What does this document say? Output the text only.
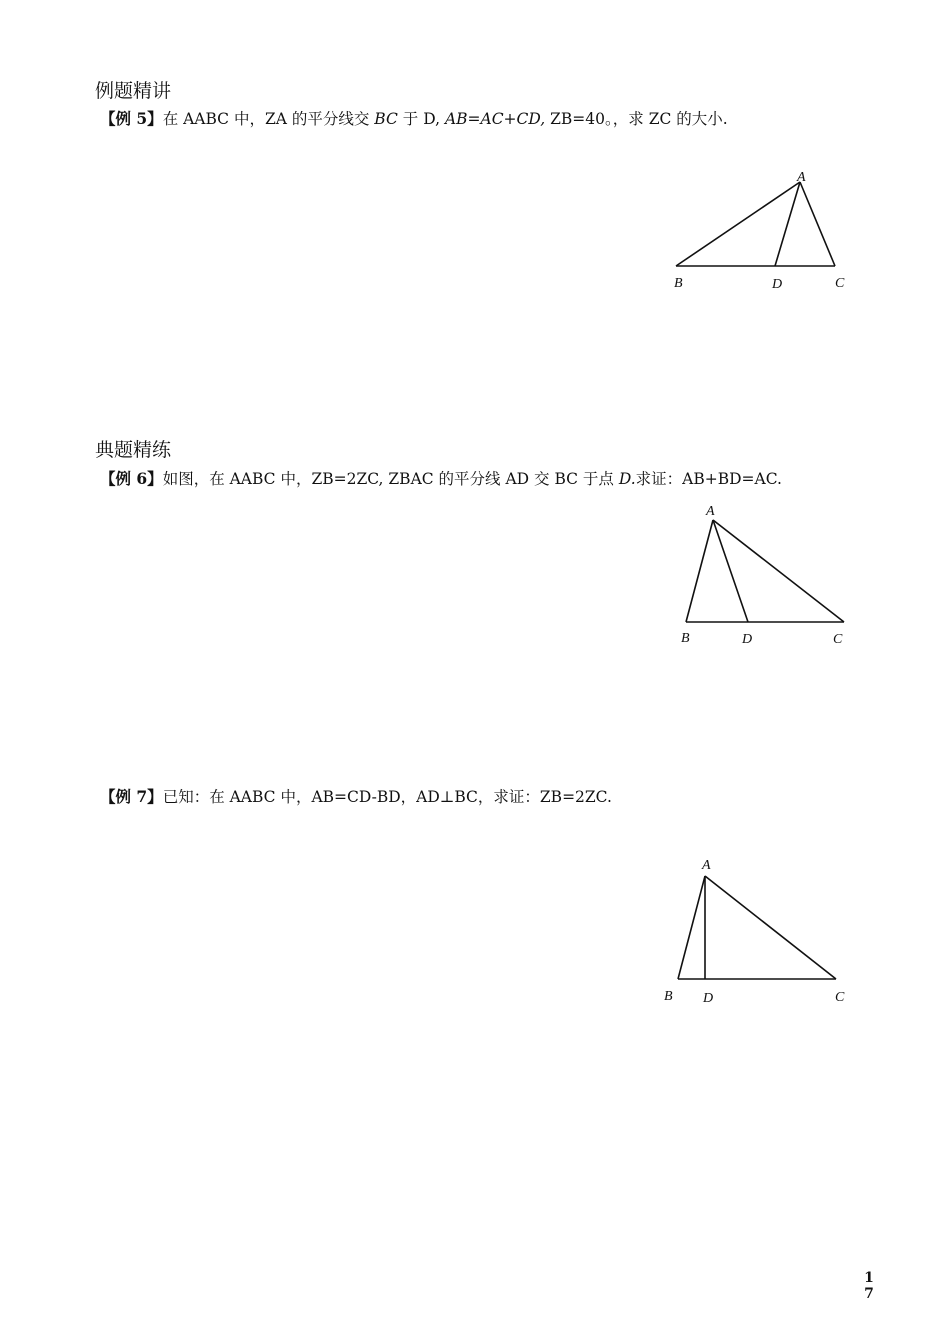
例题精讲
【例 5】在 AABC 中，ZA 的平分线交 BC 于 D, AB=AC+CD, ZB=40。，求 ZC 的大小.
A
B	D	C
典题精练
【例 6】如图，在 AABC 中，ZB=2ZC, ZBAC 的平分线 AD 交 BC 于点 D.求证：AB+BD=AC.
A
B	D	C
【例 7】已知：在 AABC 中，AB=CD-BD，AD⊥BC，求证：ZB=2ZC.
A
B D	C
1
7
